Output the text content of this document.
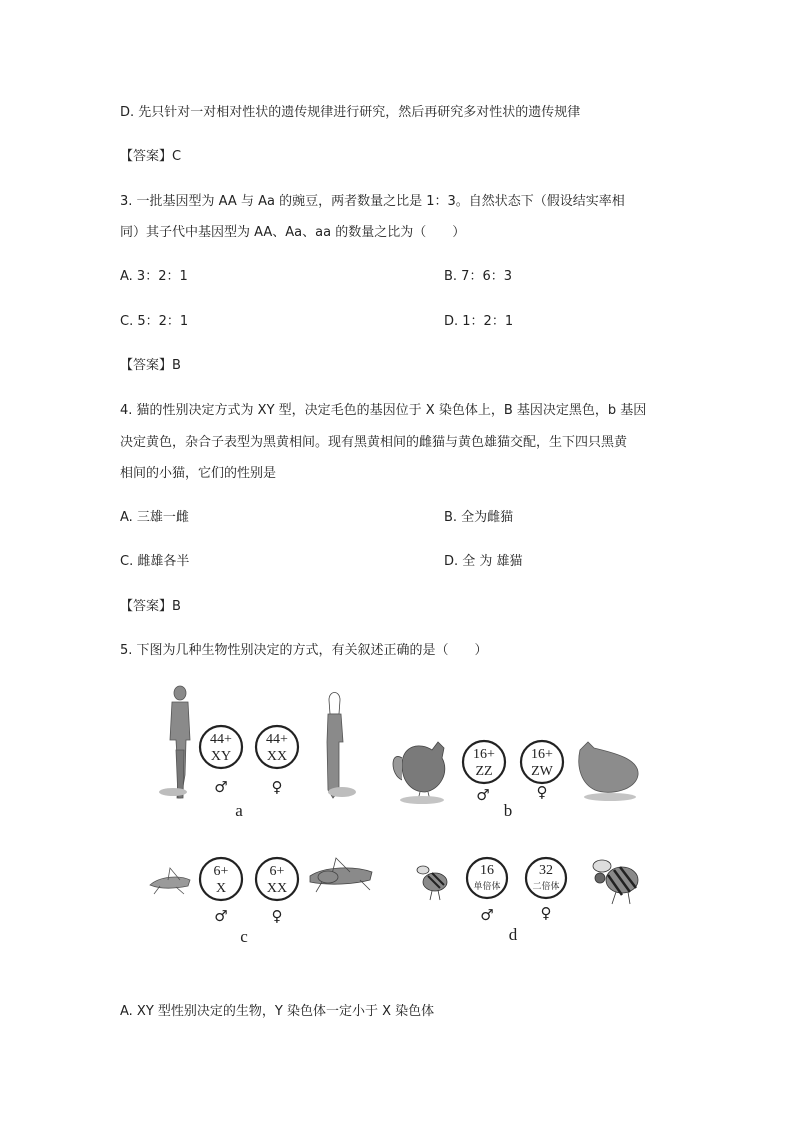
D. 先只针对一对相对性状的遗传规律进行研究，然后再研究多对性状的遗传规律
【答案】C
3. 一批基因型为 AA 与 Aa 的豌豆，两者数量之比是 1：3。自然状态下（假设结实率相
同）其子代中基因型为 AA、Aa、aa 的数量之比为（　　）
A. 3：2：1	B. 7：6：3
C. 5：2：1	D. 1：2：1
【答案】B
4. 猫的性别决定方式为 XY 型，决定毛色的基因位于 X 染色体上，B 基因决定黑色，b 基因
决定黄色，杂合子表型为黑黄相间。现有黑黄相间的雌猫与黄色雄猫交配，生下四只黑黄
相间的小猫，它们的性别是
A. 三雄一雌	B. 全为雌猫
C. 雌雄各半	D. 全 为 雄猫
【答案】B
5. 下图为几种生物性别决定的方式，有关叙述正确的是（　　）
44+
XY
44+
XX	16+
ZZ
16+
ZW
6+
X
6+
XX
16
单倍体
32
二倍体
♂	♀	♂	♀
♂	♀	♂	♀
a	b
c	d
A. XY 型性别决定的生物，Y 染色体一定小于 X 染色体
